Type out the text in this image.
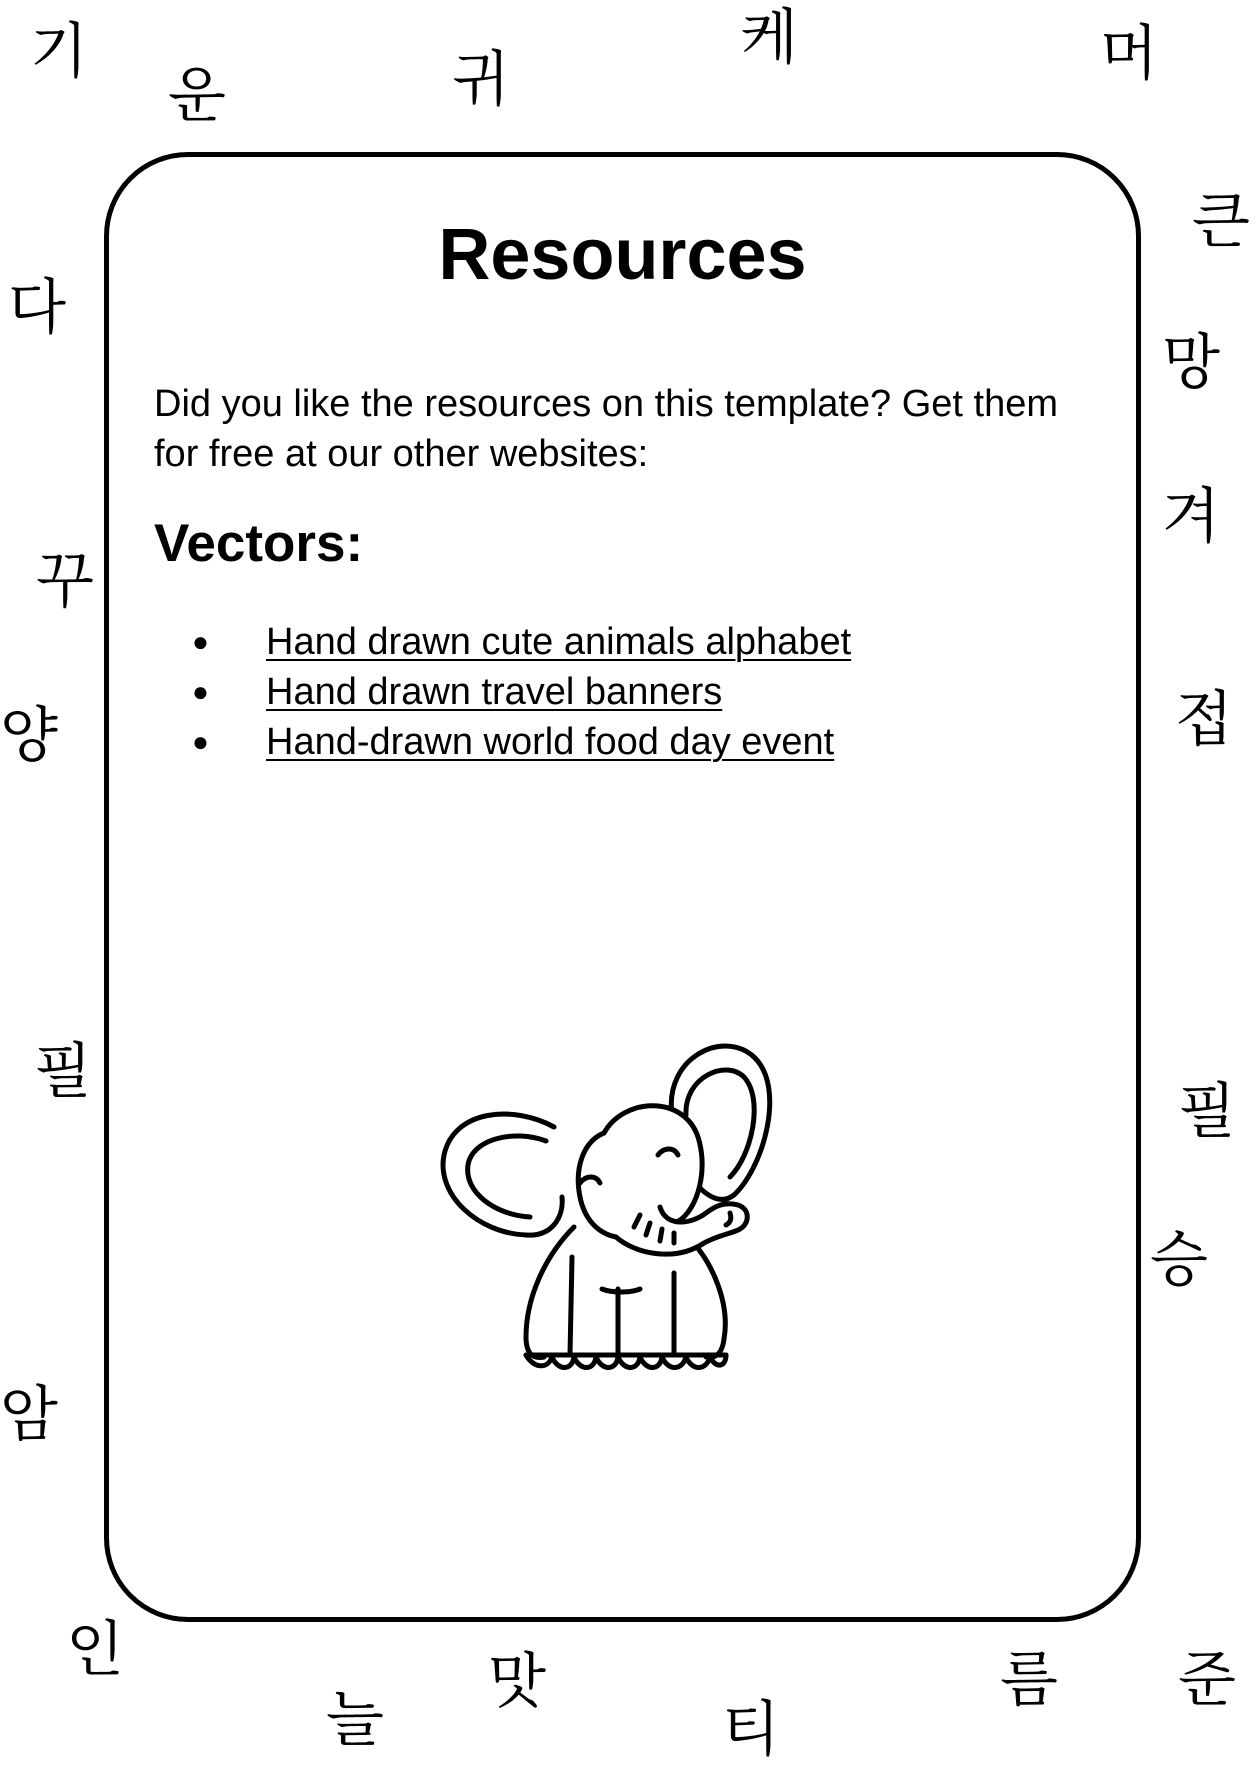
기
운	귀
케	머
다
꾸
양
필
암
큰
망
겨
접
필
승
인
늘
맛
티
름 준
Resources

Did you like the resources on this template? Get them for free at our other websites:

Vectors:
● Hand drawn cute animals alphabet
● Hand drawn travel banners
● Hand-drawn world food day event
